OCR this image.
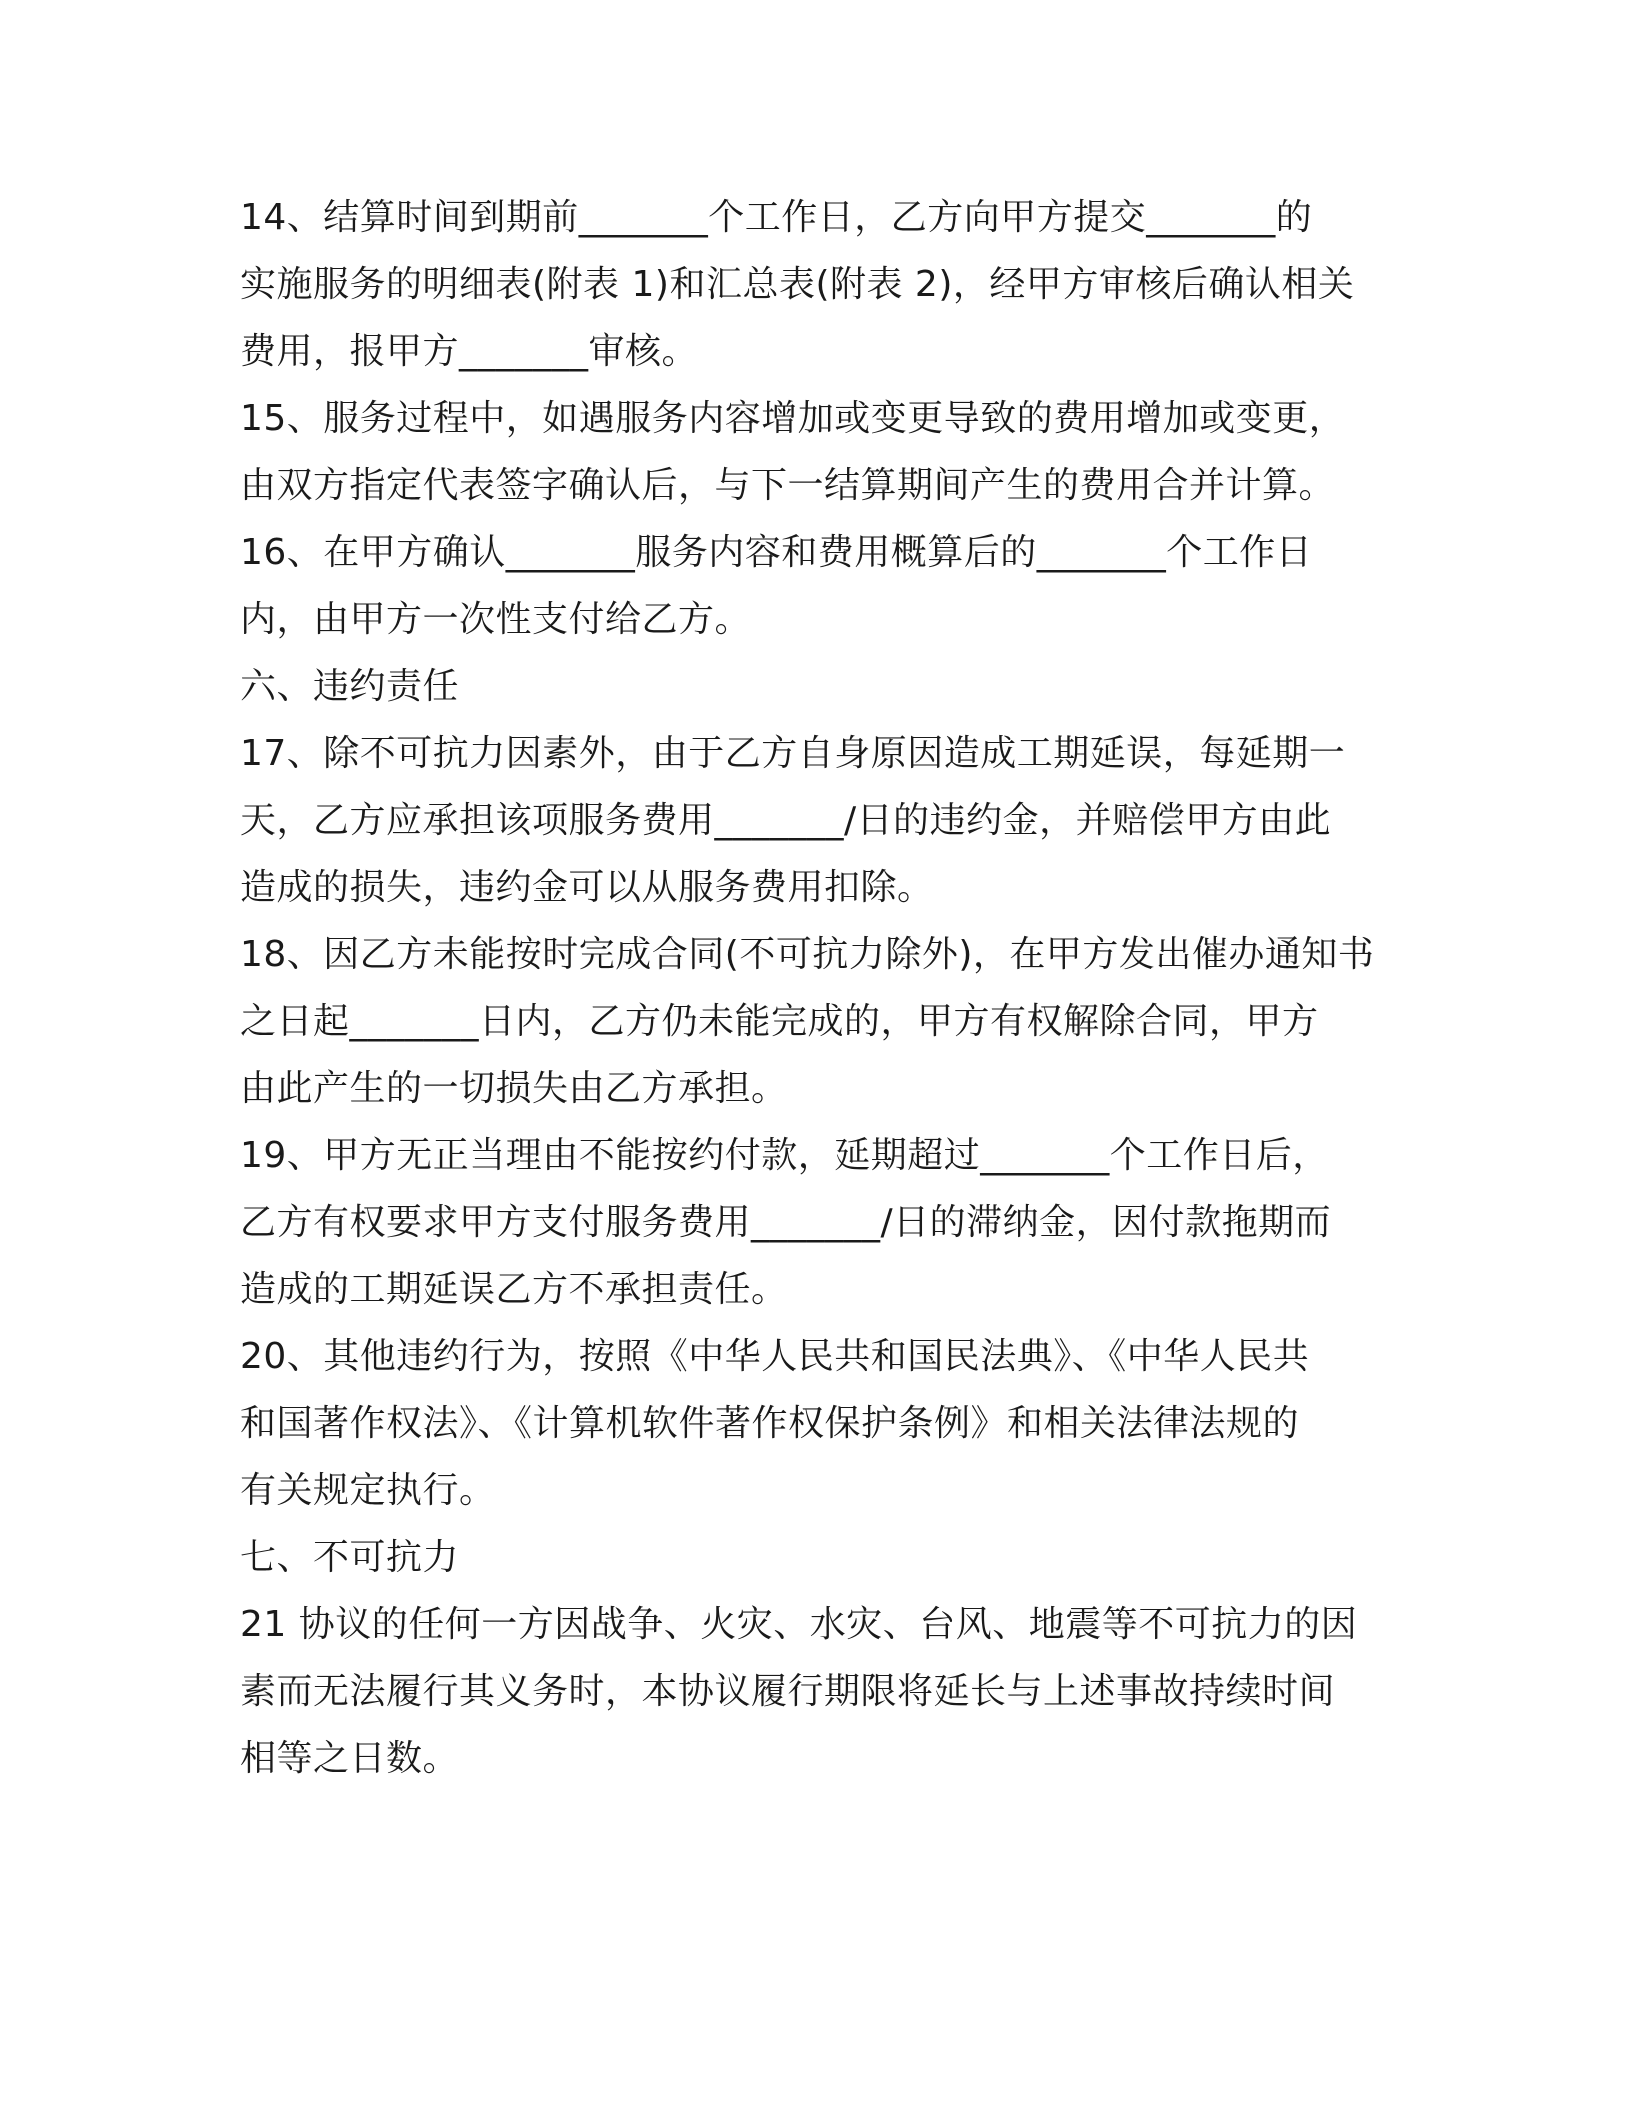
14、结算时间到期前_______个工作日，乙方向甲方提交_______的
实施服务的明细表(附表 1)和汇总表(附表 2)，经甲方审核后确认相关
费用，报甲方_______审核。
15、服务过程中，如遇服务内容增加或变更导致的费用增加或变更，
由双方指定代表签字确认后，与下一结算期间产生的费用合并计算。
16、在甲方确认_______服务内容和费用概算后的_______个工作日
内，由甲方一次性支付给乙方。
六、违约责任
17、除不可抗力因素外，由于乙方自身原因造成工期延误，每延期一
天，乙方应承担该项服务费用_______/日的违约金，并赔偿甲方由此
造成的损失，违约金可以从服务费用扣除。
18、因乙方未能按时完成合同(不可抗力除外)，在甲方发出催办通知书
之日起_______日内，乙方仍未能完成的，甲方有权解除合同，甲方
由此产生的一切损失由乙方承担。
19、甲方无正当理由不能按约付款，延期超过_______个工作日后，
乙方有权要求甲方支付服务费用_______/日的滞纳金，因付款拖期而
造成的工期延误乙方不承担责任。
20、其他违约行为，按照《中华人民共和国民法典》、《中华人民共
和国著作权法》、《计算机软件著作权保护条例》和相关法律法规的
有关规定执行。
七、不可抗力
21 协议的任何一方因战争、火灾、水灾、台风、地震等不可抗力的因
素而无法履行其义务时，本协议履行期限将延长与上述事故持续时间
相等之日数。
